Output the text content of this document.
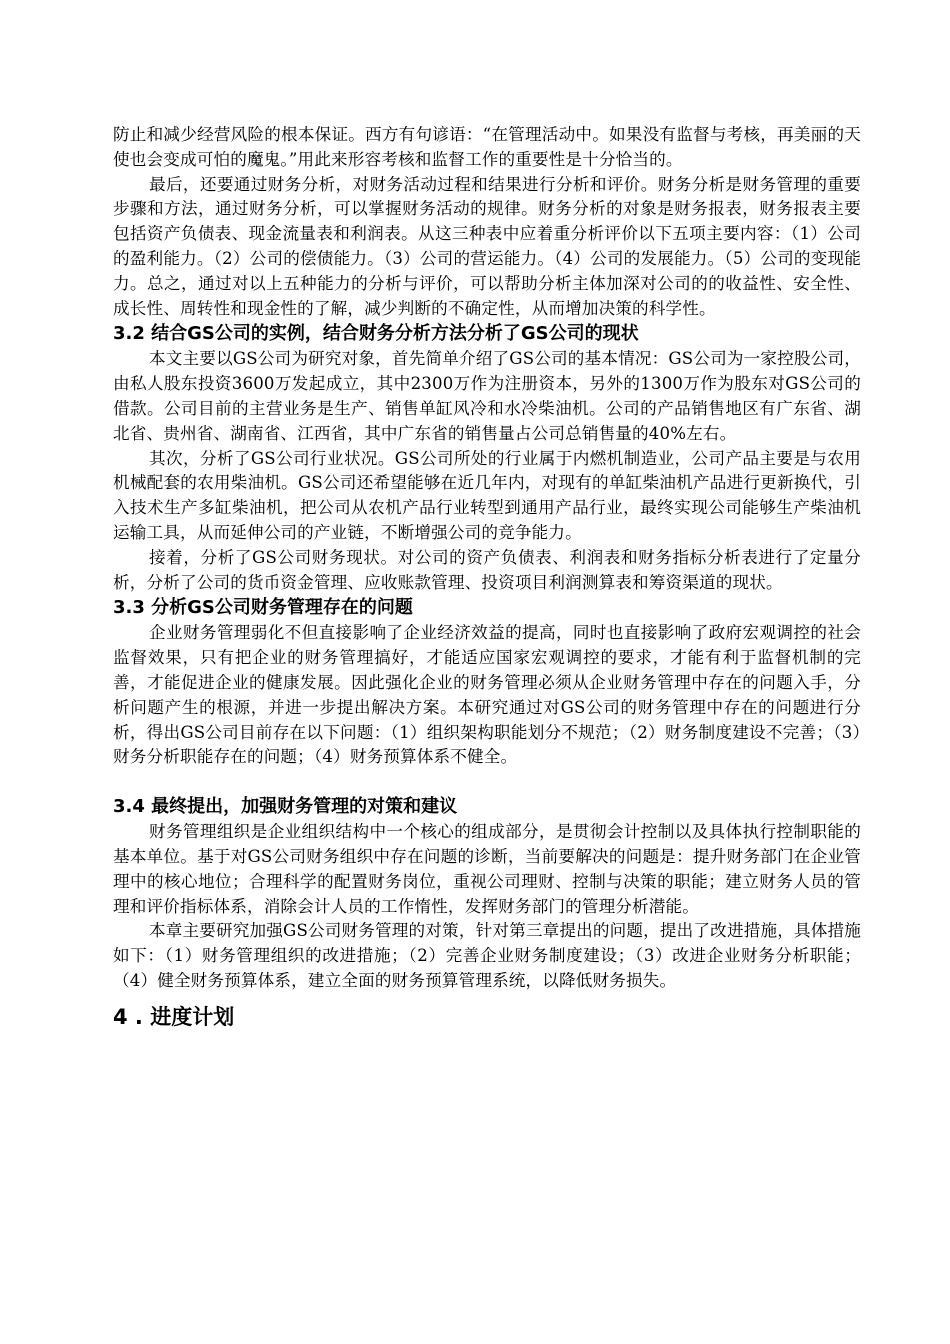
防止和减少经营风险的根本保证。西方有句谚语：“在管理活动中。如果没有监督与考核，再美丽的天使也会变成可怕的魔鬼。”用此来形容考核和监督工作的重要性是十分恰当的。

最后，还要通过财务分析，对财务活动过程和结果进行分析和评价。财务分析是财务管理的重要步骤和方法，通过财务分析，可以掌握财务活动的规律。财务分析的对象是财务报表，财务报表主要包括资产负债表、现金流量表和利润表。从这三种表中应着重分析评价以下五项主要内容：（1）公司的盈利能力。（2）公司的偿债能力。（3）公司的营运能力。（4）公司的发展能力。（5）公司的变现能力。总之，通过对以上五种能力的分析与评价，可以帮助分析主体加深对公司的的收益性、安全性、成长性、周转性和现金性的了解，减少判断的不确定性，从而增加决策的科学性。

3.2 结合GS公司的实例，结合财务分析方法分析了GS公司的现状

本文主要以GS公司为研究对象，首先简单介绍了GS公司的基本情况：GS公司为一家控股公司，由私人股东投资3600万发起成立，其中2300万作为注册资本，另外的1300万作为股东对GS公司的借款。公司目前的主营业务是生产、销售单缸风冷和水冷柴油机。公司的产品销售地区有广东省、湖北省、贵州省、湖南省、江西省，其中广东省的销售量占公司总销售量的40%左右。

其次，分析了GS公司行业状况。GS公司所处的行业属于内燃机制造业，公司产品主要是与农用机械配套的农用柴油机。GS公司还希望能够在近几年内，对现有的单缸柴油机产品进行更新换代，引入技术生产多缸柴油机，把公司从农机产品行业转型到通用产品行业，最终实现公司能够生产柴油机运输工具，从而延伸公司的产业链，不断增强公司的竞争能力。

接着，分析了GS公司财务现状。对公司的资产负债表、利润表和财务指标分析表进行了定量分析，分析了公司的货币资金管理、应收账款管理、投资项目利润测算表和筹资渠道的现状。

3.3 分析GS公司财务管理存在的问题

企业财务管理弱化不但直接影响了企业经济效益的提高，同时也直接影响了政府宏观调控的社会监督效果，只有把企业的财务管理搞好，才能适应国家宏观调控的要求，才能有利于监督机制的完善，才能促进企业的健康发展。因此强化企业的财务管理必须从企业财务管理中存在的问题入手，分析问题产生的根源，并进一步提出解决方案。本研究通过对GS公司的财务管理中存在的问题进行分析，得出GS公司目前存在以下问题：（1）组织架构职能划分不规范；（2）财务制度建设不完善；（3）财务分析职能存在的问题；（4）财务预算体系不健全。

3.4 最终提出，加强财务管理的对策和建议

财务管理组织是企业组织结构中一个核心的组成部分，是贯彻会计控制以及具体执行控制职能的基本单位。基于对GS公司财务组织中存在问题的诊断，当前要解决的问题是：提升财务部门在企业管理中的核心地位；合理科学的配置财务岗位，重视公司理财、控制与决策的职能；建立财务人员的管理和评价指标体系，消除会计人员的工作惰性，发挥财务部门的管理分析潜能。

本章主要研究加强GS公司财务管理的对策，针对第三章提出的问题，提出了改进措施，具体措施如下：（1）财务管理组织的改进措施；（2）完善企业财务制度建设；（3）改进企业财务分析职能；（4）健全财务预算体系，建立全面的财务预算管理系统，以降低财务损失。

4 . 进度计划
